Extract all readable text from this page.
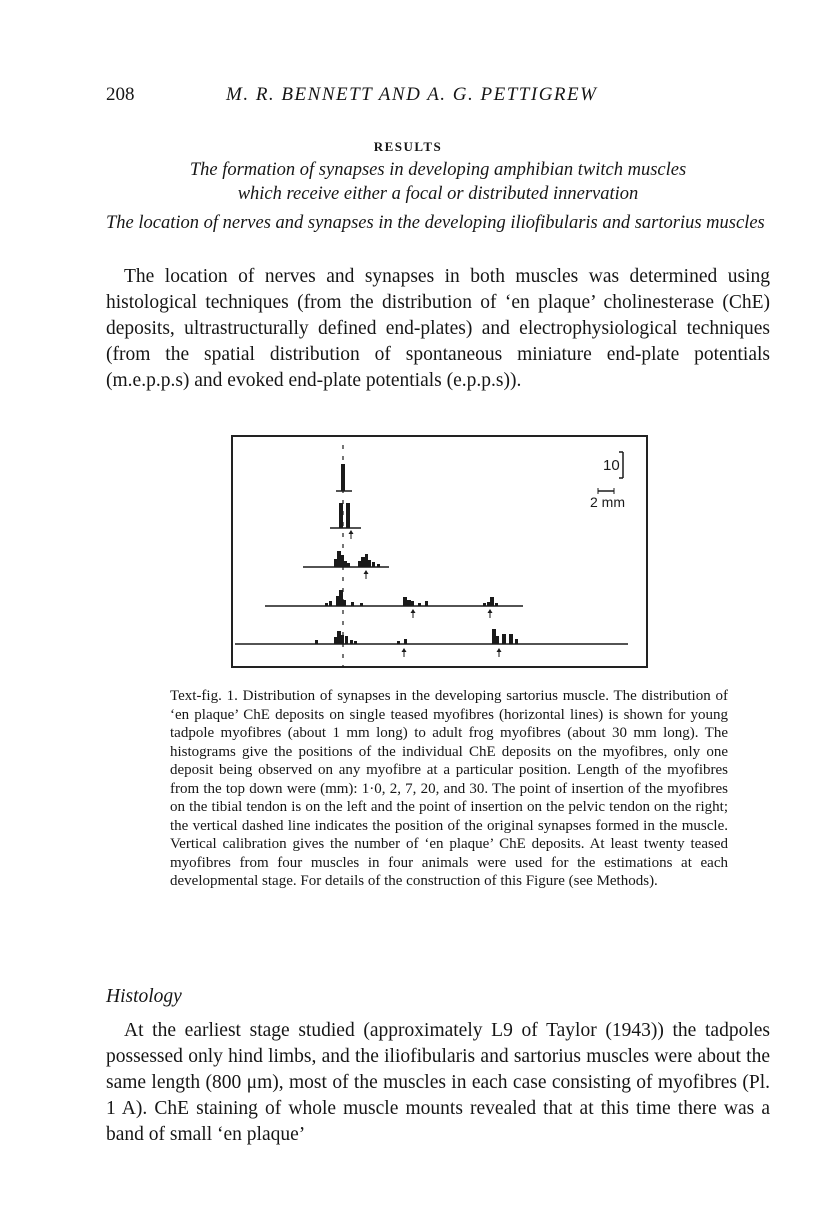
208	M. R. BENNETT AND A. G. PETTIGREW
RESULTS
The formation of synapses in developing amphibian twitch muscles
which receive either a focal or distributed innervation
The location of nerves and synapses in the developing iliofibularis and sartorius muscles

The location of nerves and synapses in both muscles was determined using histological techniques (from the distribution of ‘en plaque’ cholinesterase (ChE) deposits, ultrastructurally defined end-plates) and electrophysiological techniques (from the spatial distribution of spontaneous miniature end-plate potentials (m.e.p.p.s) and evoked end-plate potentials (e.p.p.s)).

10
2 mm

Text-fig. 1. Distribution of synapses in the developing sartorius muscle. The distribution of ‘en plaque’ ChE deposits on single teased myofibres (horizontal lines) is shown for young tadpole myofibres (about 1 mm long) to adult frog myofibres (about 30 mm long). The histograms give the positions of the individual ChE deposits on the myofibres, only one deposit being observed on any myofibre at a particular position. Length of the myofibres from the top down were (mm): 1·0, 2, 7, 20, and 30. The point of insertion of the myofibres on the tibial tendon is on the left and the point of insertion on the pelvic tendon on the right; the vertical dashed line indicates the position of the original synapses formed in the muscle. Vertical calibration gives the number of ‘en plaque’ ChE deposits. At least twenty teased myofibres from four muscles in four animals were used for the estimations at each developmental stage. For details of the construction of this Figure (see Methods).

Histology

At the earliest stage studied (approximately L9 of Taylor (1943)) the tadpoles possessed only hind limbs, and the iliofibularis and sartorius muscles were about the same length (800 μm), most of the muscles in each case consisting of myofibres (Pl. 1 A). ChE staining of whole muscle mounts revealed that at this time there was a band of small ‘en plaque’
